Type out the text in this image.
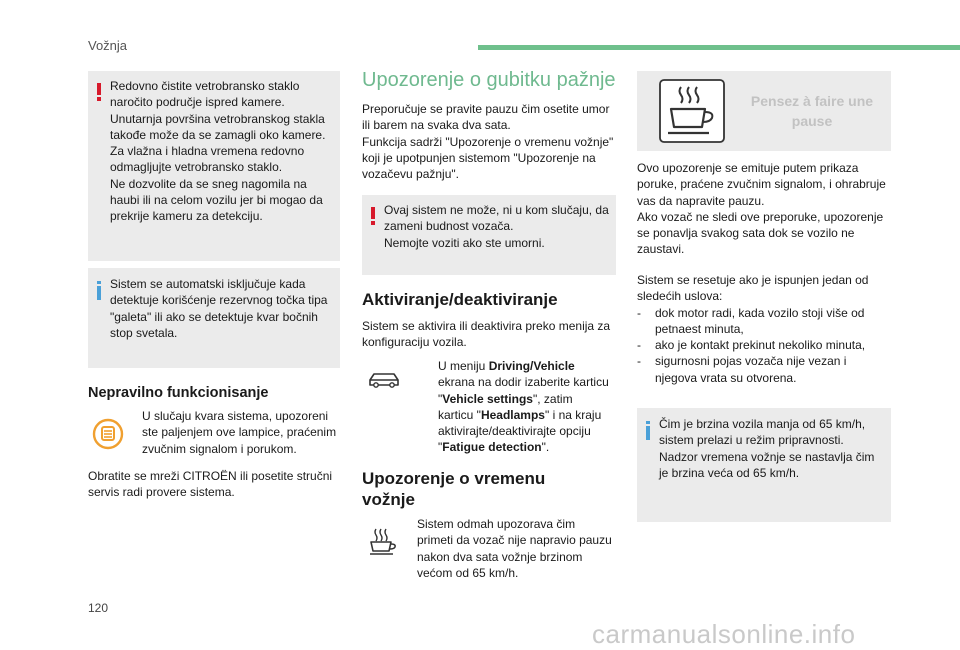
Vožnja
120
carmanualsonline.info

Redovno čistite vetrobransko staklo

naročito područje ispred kamere.

Unutarnja površina vetrobranskog stakla

takođe može da se zamagli oko kamere.

Za vlažna i hladna vremena redovno

odmagljujte vetrobransko staklo.

Ne dozvolite da se sneg nagomila na

haubi ili na celom vozilu jer bi mogao da

prekrije kameru za detekciju.

Sistem se automatski isključuje kada

detektuje korišćenje rezervnog točka tipa

"galeta" ili ako se detektuje kvar bočnih

stop svetala.

Nepravilno funkcionisanje

U slučaju kvara sistema, upozoreni

ste paljenjem ove lampice, praćenim

zvučnim signalom i porukom.

Obratite se mreži CITROËN ili posetite stručni

servis radi provere sistema.

Upozorenje o gubitku pažnje

Preporučuje se pravite pauzu čim osetite umor

ili barem na svaka dva sata.

Funkcija sadrži "Upozorenje o vremenu vožnje"

koji je upotpunjen sistemom "Upozorenje na

vozačevu pažnju".

Ovaj sistem ne može, ni u kom slučaju, da

zameni budnost vozača.

Nemojte voziti ako ste umorni.

Aktiviranje/deaktiviranje

Sistem se aktivira ili deaktivira preko menija za

konfiguraciju vozila.

U meniju Driving/Vehicle

ekrana na dodir izaberite karticu

"Vehicle settings", zatim

karticu "Headlamps" i na kraju

aktivirajte/deaktivirajte opciju

"Fatigue detection".

Upozorenje o vremenu
vožnje

Sistem odmah upozorava čim

primeti da vozač nije napravio pauzu

nakon dva sata vožnje brzinom

većom od 65 km/h.

Pensez à faire une
pause

Ovo upozorenje se emituje putem prikaza

poruke, praćene zvučnim signalom, i ohrabruje

vas da napravite pauzu.

Ako vozač ne sledi ove preporuke, upozorenje

se ponavlja svakog sata dok se vozilo ne

zaustavi.

Sistem se resetuje ako je ispunjen jedan od

sledećih uslova:

- dok motor radi, kada vozilo stoji više od

petnaest minuta,

- ako je kontakt prekinut nekoliko minuta,

- sigurnosni pojas vozača nije vezan i

njegova vrata su otvorena.

Čim je brzina vozila manja od 65 km/h,

sistem prelazi u režim pripravnosti.

Nadzor vremena vožnje se nastavlja čim

je brzina veća od 65 km/h.
